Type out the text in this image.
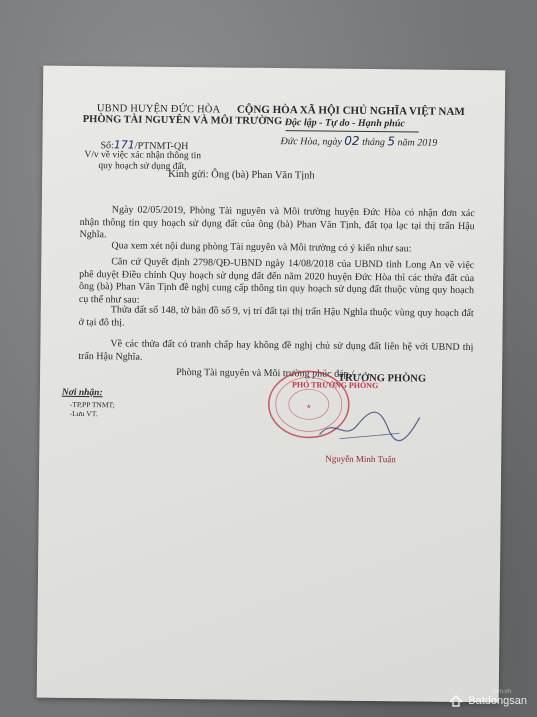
UBND HUYỆN ĐỨC HÒA
PHÒNG TÀI NGUYÊN VÀ MÔI TRƯỜNG
CỘNG HÒA XÃ HỘI CHỦ NGHĨA VIỆT NAM
Độc lập - Tự do - Hạnh phúc
Số:171/PTNMT-QH	Đức Hòa, ngày 02 tháng 5 năm 2019
V/v về việc xác nhận thông tin
quy hoạch sử dụng đất.
Kính gửi: Ông (bà) Phan Văn Tịnh
Ngày 02/05/2019, Phòng Tài nguyên và Môi trường huyện Đức Hòa có nhận đơn xác nhận thông tin quy hoạch sử dụng đất của ông (bà) Phan Văn Tịnh, đất tọa lạc tại thị trấn Hậu Nghĩa.
Qua xem xét nội dung phòng Tài nguyên và Môi trường có ý kiến như sau:
Căn cứ Quyết định 2798/QĐ-UBND ngày 14/08/2018 của UBND tỉnh Long An về việc phê duyệt Điều chỉnh Quy hoạch sử dụng đất đến năm 2020 huyện Đức Hòa thì các thửa đất của ông (bà) Phan Văn Tịnh đề nghị cung cấp thông tin quy hoạch sử dụng đất thuộc vùng quy hoạch cụ thể như sau:
Thửa đất số 148, tờ bản đồ số 9, vị trí đất tại thị trấn Hậu Nghĩa thuộc vùng quy hoạch đất ở tại đô thị.
Về các thửa đất có tranh chấp hay không đề nghị chủ sử dụng đất liên hệ với UBND thị trấn Hậu Nghĩa.
Phòng Tài nguyên và Môi trường phúc đáp./.
Nơi nhận:
-TP,PP TNMT;
-Lưu VT.
★
TRƯỞNG PHÒNG
PHÓ TRƯỞNG PHÒNG
Nguyễn Minh Tuấn
.com.vn
Batdongsan
